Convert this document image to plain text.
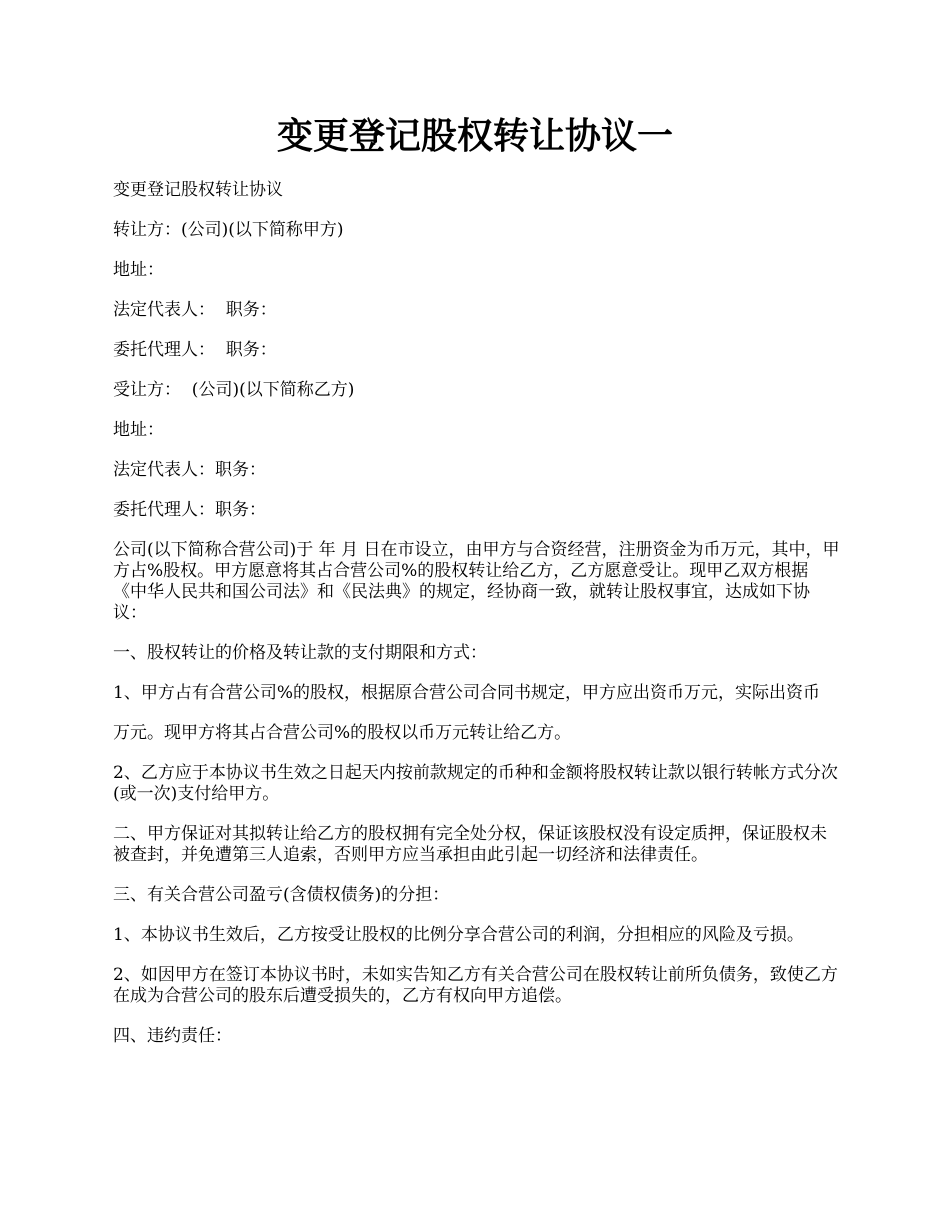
变更登记股权转让协议一

变更登记股权转让协议

转让方：(公司)(以下简称甲方)

地址：

法定代表人：  职务：

委托代理人：  职务：

受让方：  (公司)(以下简称乙方)

地址：

法定代表人：职务：

委托代理人：职务：

公司(以下简称合营公司)于 年 月 日在市设立，由甲方与合资经营，注册资金为币万元，其中，甲方占%股权。甲方愿意将其占合营公司%的股权转让给乙方，乙方愿意受让。现甲乙双方根据《中华人民共和国公司法》和《民法典》的规定，经协商一致，就转让股权事宜，达成如下协议：

一、股权转让的价格及转让款的支付期限和方式：

1、甲方占有合营公司%的股权，根据原合营公司合同书规定，甲方应出资币万元，实际出资币

万元。现甲方将其占合营公司%的股权以币万元转让给乙方。

2、乙方应于本协议书生效之日起天内按前款规定的币种和金额将股权转让款以银行转帐方式分次(或一次)支付给甲方。

二、甲方保证对其拟转让给乙方的股权拥有完全处分权，保证该股权没有设定质押，保证股权未被查封，并免遭第三人追索，否则甲方应当承担由此引起一切经济和法律责任。

三、有关合营公司盈亏(含债权债务)的分担：

1、本协议书生效后，乙方按受让股权的比例分享合营公司的利润，分担相应的风险及亏损。

2、如因甲方在签订本协议书时，未如实告知乙方有关合营公司在股权转让前所负债务，致使乙方在成为合营公司的股东后遭受损失的，乙方有权向甲方追偿。

四、违约责任：
